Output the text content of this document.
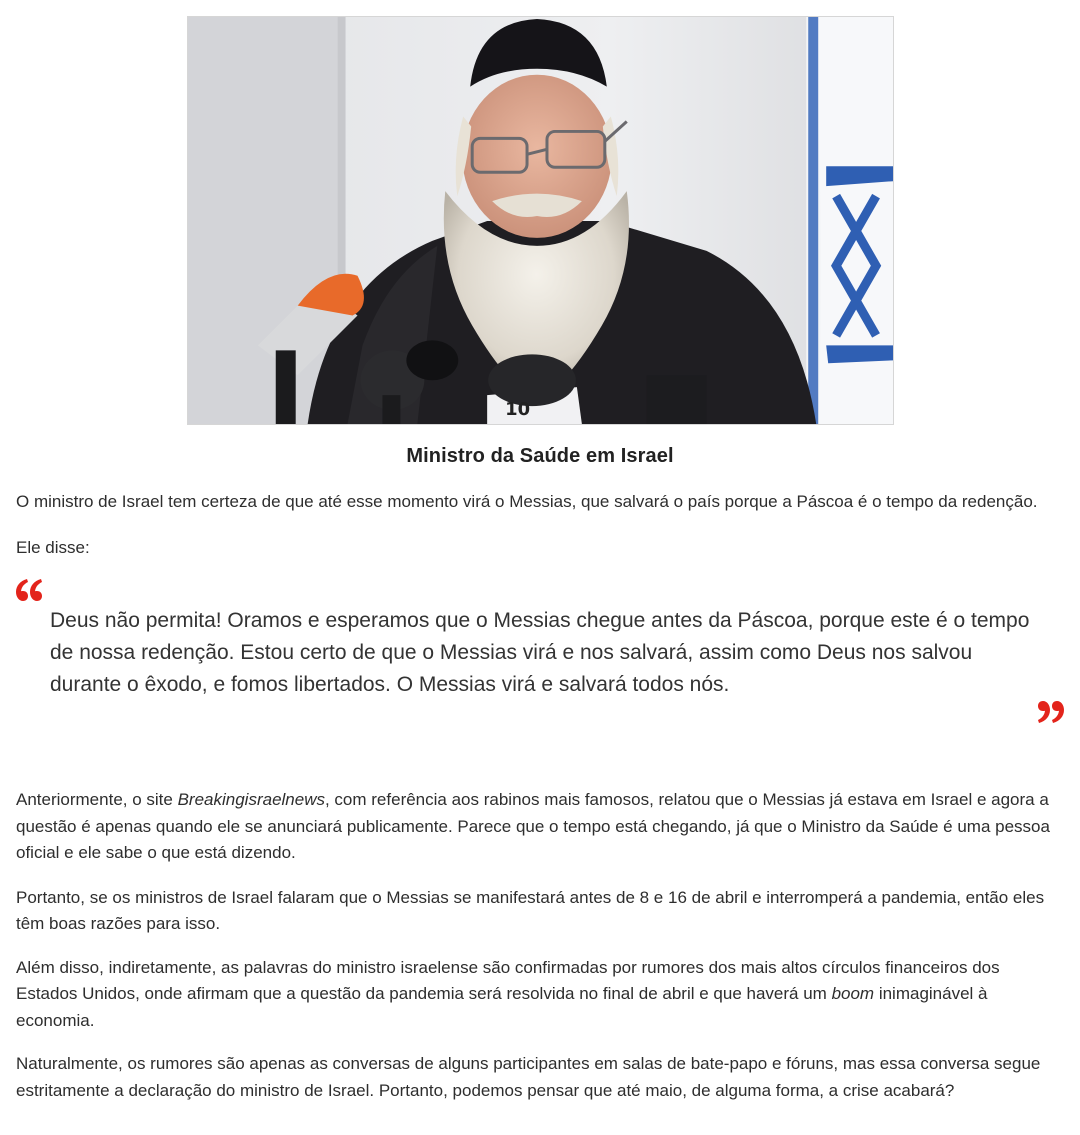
10
Ministro da Saúde em Israel

O ministro de Israel tem certeza de que até esse momento virá o Messias, que salvará o país porque a Páscoa é o tempo da redenção.

Ele disse:

Deus não permita! Oramos e esperamos que o Messias chegue antes da Páscoa, porque este é o tempo de nossa redenção. Estou certo de que o Messias virá e nos salvará, assim como Deus nos salvou durante o êxodo, e fomos libertados. O Messias virá e salvará todos nós.

Anteriormente, o site Breakingisraelnews, com referência aos rabinos mais famosos, relatou que o Messias já estava em Israel e agora a questão é apenas quando ele se anunciará publicamente. Parece que o tempo está chegando, já que o Ministro da Saúde é uma pessoa oficial e ele sabe o que está dizendo.

Portanto, se os ministros de Israel falaram que o Messias se manifestará antes de 8 e 16 de abril e interromperá a pandemia, então eles têm boas razões para isso.

Além disso, indiretamente, as palavras do ministro israelense são confirmadas por rumores dos mais altos círculos financeiros dos Estados Unidos, onde afirmam que a questão da pandemia será resolvida no final de abril e que haverá um boom inimaginável à economia.

Naturalmente, os rumores são apenas as conversas de alguns participantes em salas de bate-papo e fóruns, mas essa conversa segue estritamente a declaração do ministro de Israel. Portanto, podemos pensar que até maio, de alguma forma, a crise acabará?
